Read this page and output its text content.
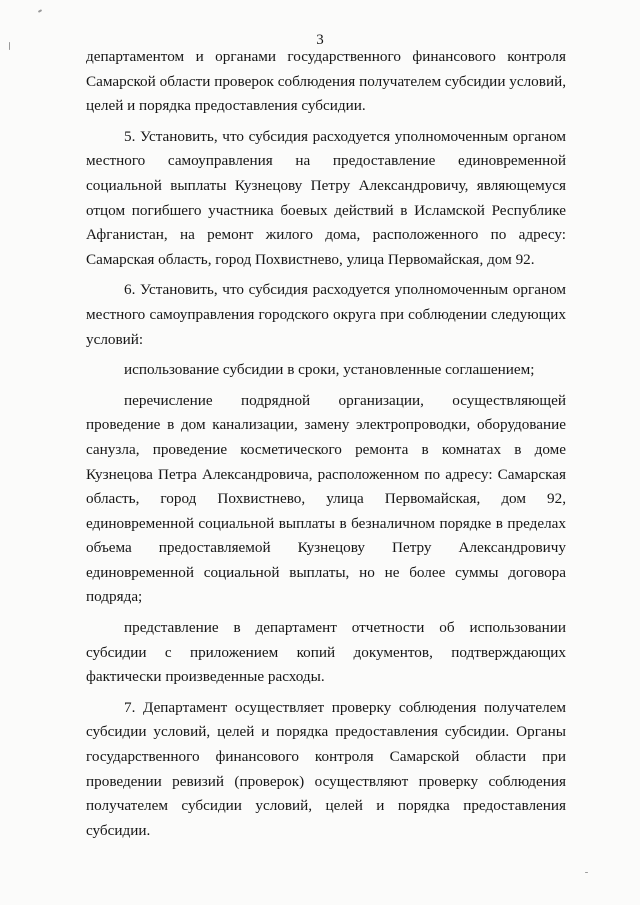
3

департаментом и органами государственного финансового контроля Самарской области проверок соблюдения получателем субсидии условий, целей и порядка предоставления субсидии.

5. Установить, что субсидия расходуется уполномоченным органом местного самоуправления на предоставление единовременной социальной выплаты Кузнецову Петру Александровичу, являющемуся отцом погибшего участника боевых действий в Исламской Республике Афганистан, на ремонт жилого дома, расположенного по адресу: Самарская область, город Похвистнево, улица Первомайская, дом 92.

6. Установить, что субсидия расходуется уполномоченным органом местного самоуправления городского округа при соблюдении следующих условий:

использование субсидии в сроки, установленные соглашением;

перечисление подрядной организации, осуществляющей проведение в дом канализации, замену электропроводки, оборудование санузла, проведение косметического ремонта в комнатах в доме Кузнецова Петра Александровича, расположенном по адресу: Самарская область, город Похвистнево, улица Первомайская, дом 92, единовременной социальной выплаты в безналичном порядке в пределах объема предоставляемой Кузнецову Петру Александровичу единовременной социальной выплаты, но не более суммы договора подряда;

представление в департамент отчетности об использовании субсидии с приложением копий документов, подтверждающих фактически произведенные расходы.

7. Департамент осуществляет проверку соблюдения получателем субсидии условий, целей и порядка предоставления субсидии. Органы государственного финансового контроля Самарской области при проведении ревизий (проверок) осуществляют проверку соблюдения получателем субсидии условий, целей и порядка предоставления субсидии.
